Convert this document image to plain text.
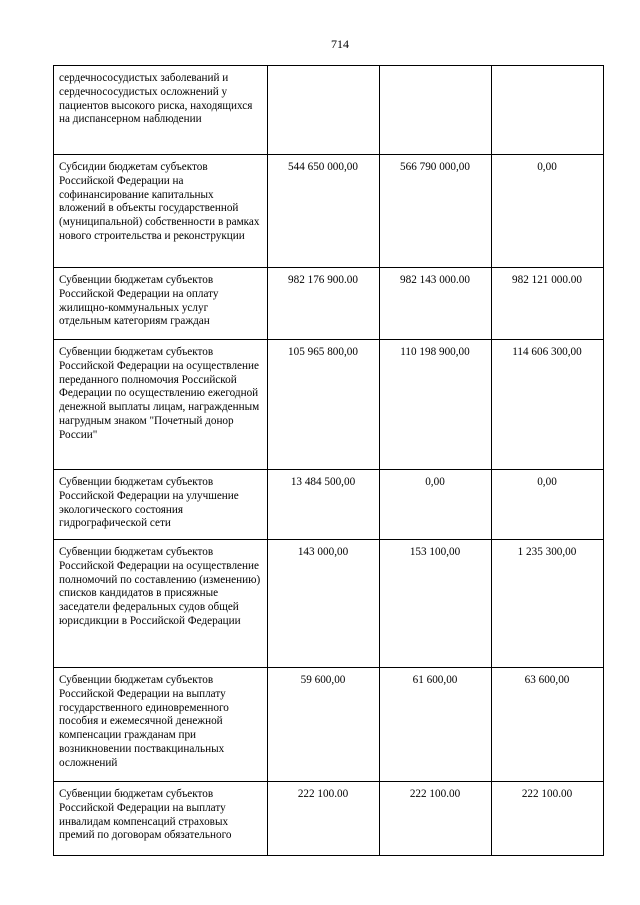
714
сердечнососудистых заболеваний и сердечнососудистых осложнений у пациентов высокого риска, находящихся на диспансерном наблюдении			
Субсидии бюджетам субъектов Российской Федерации на софинансирование капитальных вложений в объекты государственной (муниципальной) собственности в рамках нового строительства и реконструкции	544 650 000,00	566 790 000,00	0,00
Субвенции бюджетам субъектов Российской Федерации на оплату жилищно-коммунальных услуг отдельным категориям граждан	982 176 900.00	982 143 000.00	982 121 000.00
Субвенции бюджетам субъектов Российской Федерации на осуществление переданного полномочия Российской Федерации по осуществлению ежегодной денежной выплаты лицам, награжденным нагрудным знаком "Почетный донор России"	105 965 800,00	110 198 900,00	114 606 300,00
Субвенции бюджетам субъектов Российской Федерации на улучшение экологического состояния гидрографической сети	13 484 500,00	0,00	0,00
Субвенции бюджетам субъектов Российской Федерации на осуществление полномочий по составлению (изменению) списков кандидатов в присяжные заседатели федеральных судов общей юрисдикции в Российской Федерации	143 000,00	153 100,00	1 235 300,00
Субвенции бюджетам субъектов Российской Федерации на выплату государственного единовременного пособия и ежемесячной денежной компенсации гражданам при возникновении поствакцинальных осложнений	59 600,00	61 600,00	63 600,00
Субвенции бюджетам субъектов Российской Федерации на выплату инвалидам компенсаций страховых премий по договорам обязательного	222 100.00	222 100.00	222 100.00
